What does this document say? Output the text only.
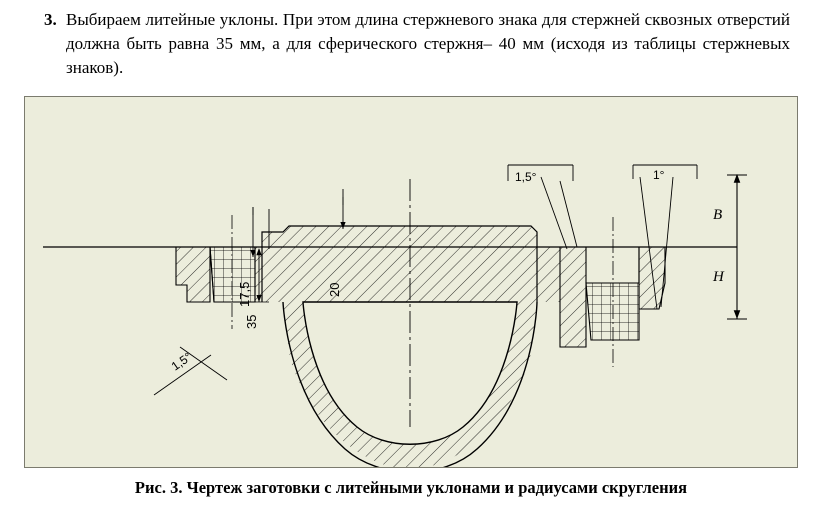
3. Выбираем литейные уклоны. При этом длина стержневого знака для стержней сквозных отверстий должна быть равна 35 мм, а для сферического стержня– 40 мм (исходя из таблицы стержневых знаков).
17,5	20
35
1,5°
1,5°	1°
B
H
Рис. 3. Чертеж заготовки с литейными уклонами и радиусами скругления
